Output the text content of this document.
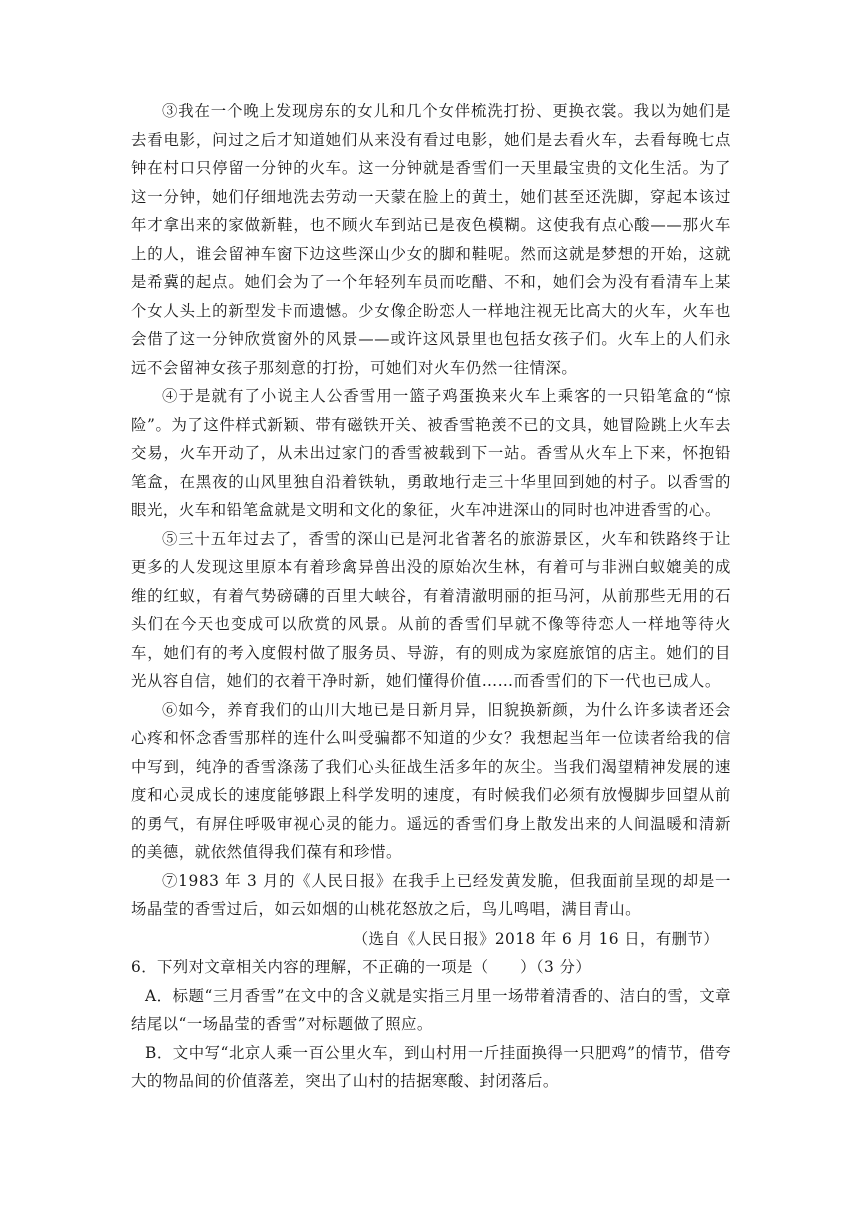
③我在一个晚上发现房东的女儿和几个女伴梳洗打扮、更换衣裳。我以为她们是去看电影，问过之后才知道她们从来没有看过电影，她们是去看火车，去看每晚七点钟在村口只停留一分钟的火车。这一分钟就是香雪们一天里最宝贵的文化生活。为了这一分钟，她们仔细地洗去劳动一天蒙在脸上的黄土，她们甚至还洗脚，穿起本该过年才拿出来的家做新鞋，也不顾火车到站已是夜色模糊。这使我有点心酸——那火车上的人，谁会留神车窗下边这些深山少女的脚和鞋呢。然而这就是梦想的开始，这就是希冀的起点。她们会为了一个年轻列车员而吃醋、不和，她们会为没有看清车上某个女人头上的新型发卡而遗憾。少女像企盼恋人一样地注视无比高大的火车，火车也会借了这一分钟欣赏窗外的风景——或许这风景里也包括女孩子们。火车上的人们永远不会留神女孩子那刻意的打扮，可她们对火车仍然一往情深。

④于是就有了小说主人公香雪用一篮子鸡蛋换来火车上乘客的一只铅笔盒的“惊险”。为了这件样式新颖、带有磁铁开关、被香雪艳羡不已的文具，她冒险跳上火车去交易，火车开动了，从未出过家门的香雪被载到下一站。香雪从火车上下来，怀抱铅笔盒，在黑夜的山风里独自沿着铁轨，勇敢地行走三十华里回到她的村子。以香雪的眼光，火车和铅笔盒就是文明和文化的象征，火车冲进深山的同时也冲进香雪的心。

⑤三十五年过去了，香雪的深山已是河北省著名的旅游景区，火车和铁路终于让更多的人发现这里原本有着珍禽异兽出没的原始次生林，有着可与非洲白蚁媲美的成维的红蚁，有着气势磅礴的百里大峡谷，有着清澈明丽的拒马河，从前那些无用的石头们在今天也变成可以欣赏的风景。从前的香雪们早就不像等待恋人一样地等待火车，她们有的考入度假村做了服务员、导游，有的则成为家庭旅馆的店主。她们的目光从容自信，她们的衣着干净时新，她们懂得价值……而香雪们的下一代也已成人。

⑥如今，养育我们的山川大地已是日新月异，旧貌换新颜，为什么许多读者还会心疼和怀念香雪那样的连什么叫受骗都不知道的少女？我想起当年一位读者给我的信中写到，纯净的香雪涤荡了我们心头征战生活多年的灰尘。当我们渴望精神发展的速度和心灵成长的速度能够跟上科学发明的速度，有时候我们必须有放慢脚步回望从前的勇气，有屏住呼吸审视心灵的能力。遥远的香雪们身上散发出来的人间温暖和清新的美德，就依然值得我们葆有和珍惜。

⑦1983 年 3 月的《人民日报》在我手上已经发黄发脆，但我面前呈现的却是一场晶莹的香雪过后，如云如烟的山桃花怒放之后，鸟儿鸣唱，满目青山。

（选自《人民日报》2018 年 6 月 16 日，有删节）

6．下列对文章相关内容的理解，不正确的一项是（　　）（3 分）

A．标题“三月香雪”在文中的含义就是实指三月里一场带着清香的、洁白的雪，文章结尾以“一场晶莹的香雪”对标题做了照应。

B．文中写“北京人乘一百公里火车，到山村用一斤挂面换得一只肥鸡”的情节，借夸大的物品间的价值落差，突出了山村的拮据寒酸、封闭落后。
